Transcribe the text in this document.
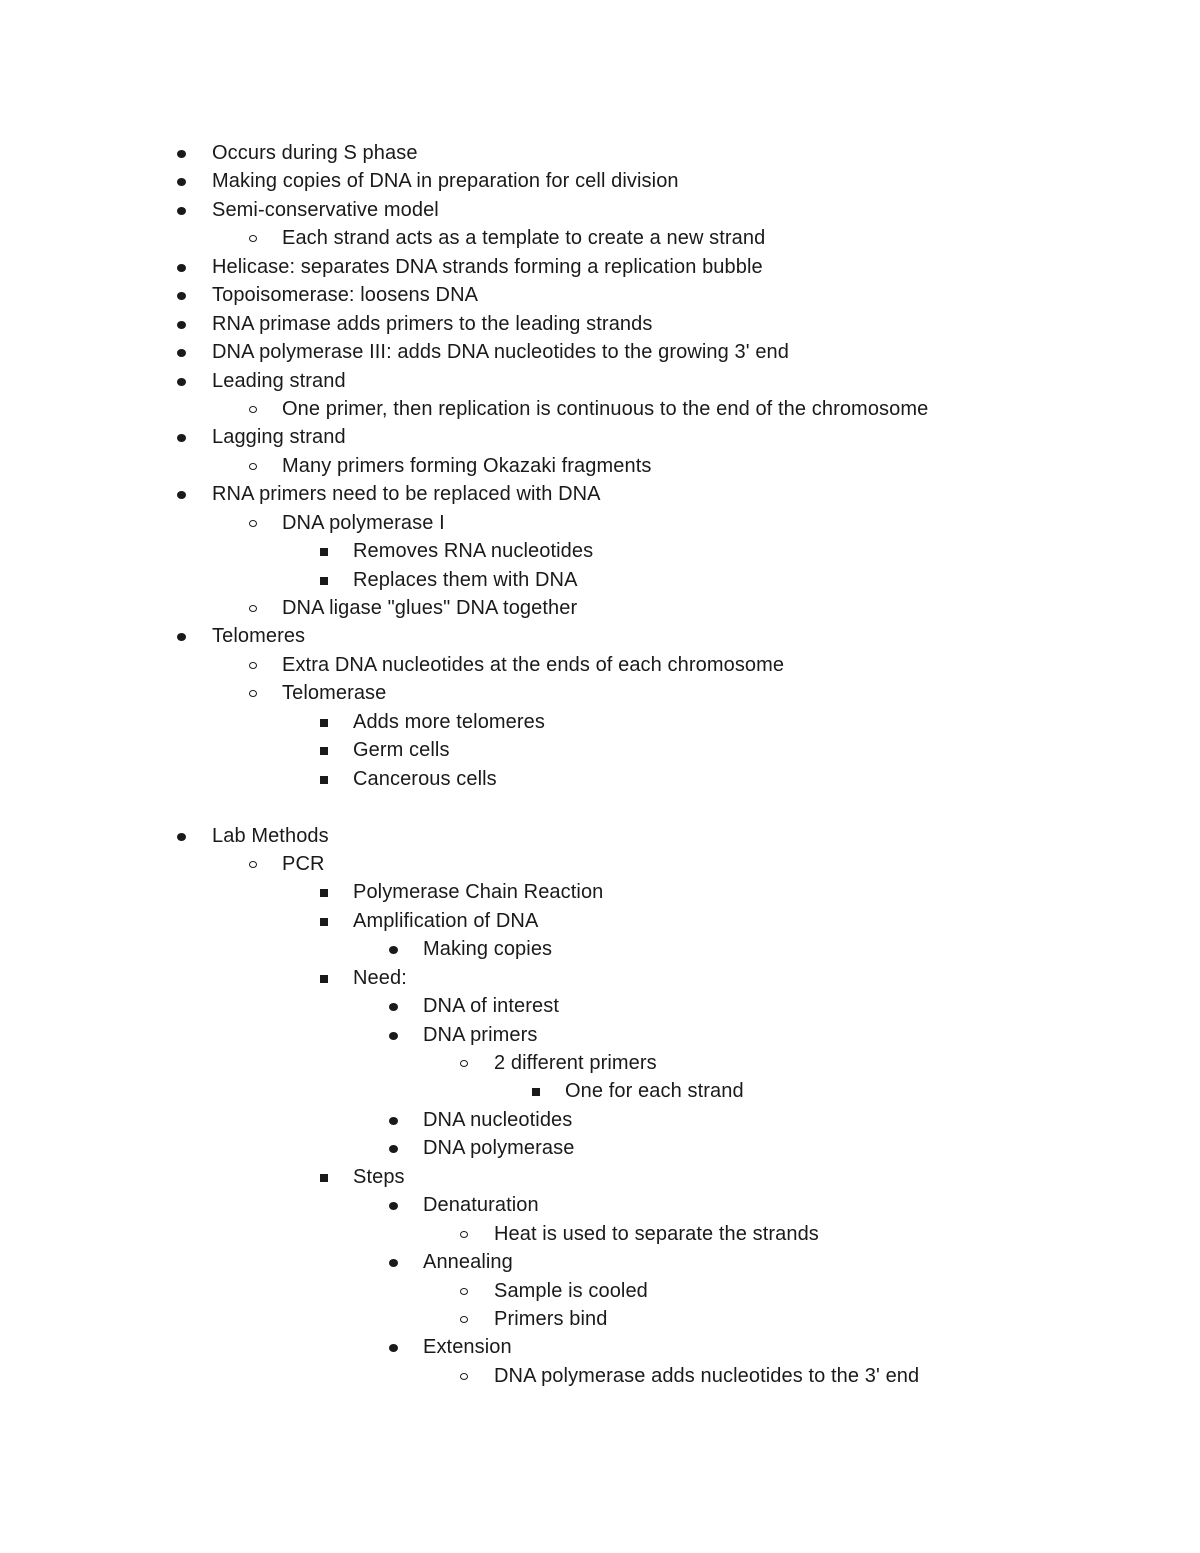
Occurs during S phase
Making copies of DNA in preparation for cell division
Semi-conservative model
Each strand acts as a template to create a new strand
Helicase: separates DNA strands forming a replication bubble
Topoisomerase: loosens DNA
RNA primase adds primers to the leading strands
DNA polymerase III: adds DNA nucleotides to the growing 3' end
Leading strand
One primer, then replication is continuous to the end of the chromosome
Lagging strand
Many primers forming Okazaki fragments
RNA primers need to be replaced with DNA
DNA polymerase I
Removes RNA nucleotides
Replaces them with DNA
DNA ligase "glues" DNA together
Telomeres
Extra DNA nucleotides at the ends of each chromosome
Telomerase
Adds more telomeres
Germ cells
Cancerous cells
Lab Methods
PCR
Polymerase Chain Reaction
Amplification of DNA
Making copies
Need:
DNA of interest
DNA primers
2 different primers
One for each strand
DNA nucleotides
DNA polymerase
Steps
Denaturation
Heat is used to separate the strands
Annealing
Sample is cooled
Primers bind
Extension
DNA polymerase adds nucleotides to the 3' end
